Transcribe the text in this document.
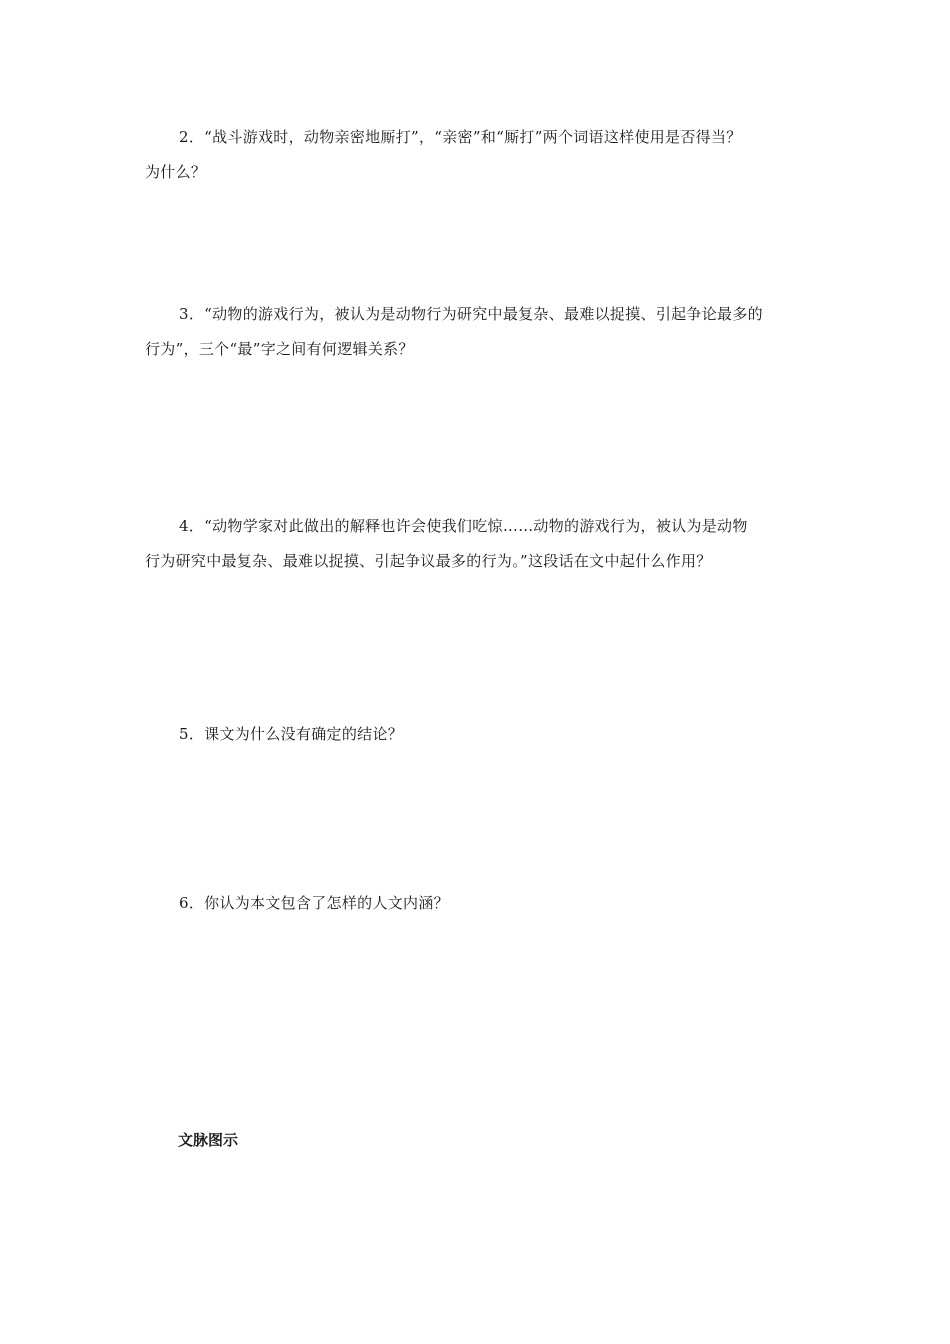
2．“战斗游戏时，动物亲密地厮打”，“亲密”和“厮打”两个词语这样使用是否得当？
为什么？

3．“动物的游戏行为，被认为是动物行为研究中最复杂、最难以捉摸、引起争论最多的
行为”，三个“最”字之间有何逻辑关系？

4．“动物学家对此做出的解释也许会使我们吃惊……动物的游戏行为，被认为是动物
行为研究中最复杂、最难以捉摸、引起争议最多的行为。”这段话在文中起什么作用？

5．课文为什么没有确定的结论？

6．你认为本文包含了怎样的人文内涵？

文脉图示
